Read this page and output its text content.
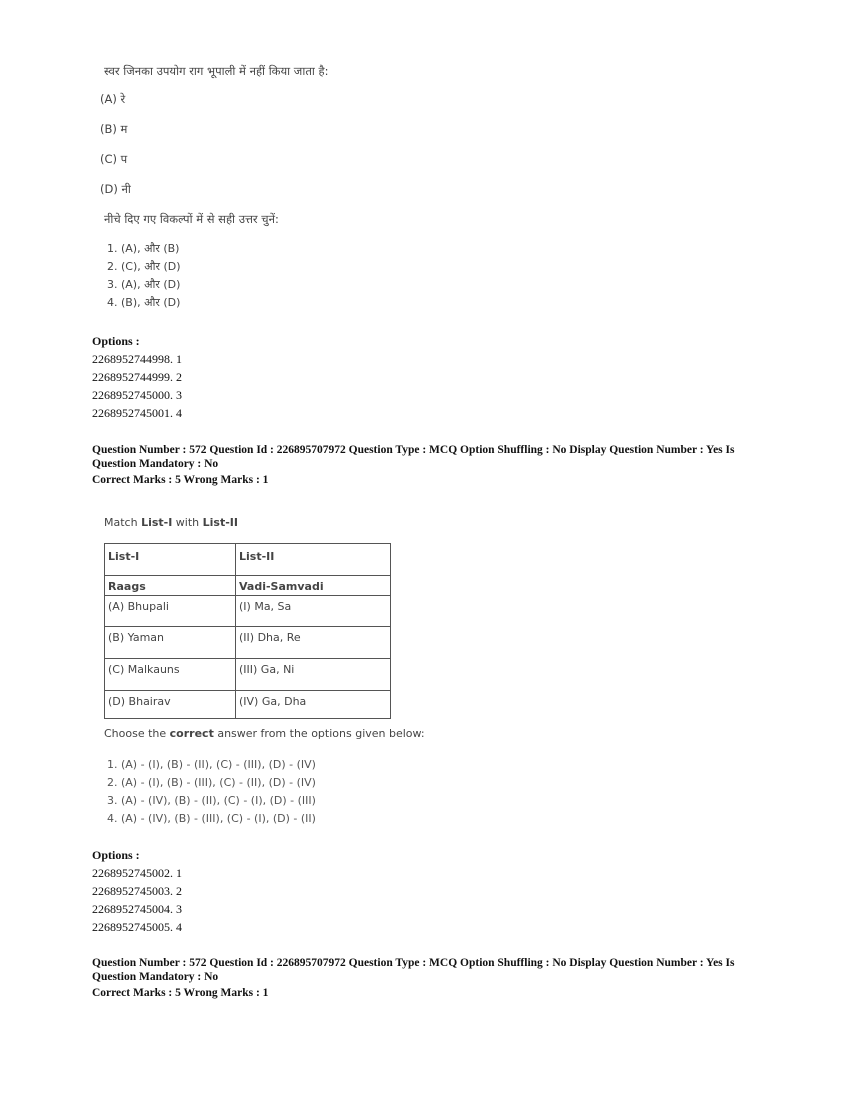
स्वर जिनका उपयोग राग भूपाली में नहीं किया जाता है:
(A) रे
(B) म
(C) प
(D) नी
नीचे दिए गए विकल्पों में से सही उत्तर चुनें:
1. (A), और (B)
2. (C), और (D)
3. (A), और (D)
4. (B), और (D)
Options :
2268952744998. 1
2268952744999. 2
2268952745000. 3
2268952745001. 4
Question Number : 572 Question Id : 226895707972 Question Type : MCQ Option Shuffling : No Display Question Number : Yes Is
Question Mandatory : No
Correct Marks : 5 Wrong Marks : 1
Match List-I with List-II
List-I	List-II
Raags	Vadi-Samvadi
(A) Bhupali	(I) Ma, Sa
(B) Yaman	(II) Dha, Re
(C) Malkauns	(III) Ga, Ni
(D) Bhairav	(IV) Ga, Dha
Choose the correct answer from the options given below:
1. (A) - (I), (B) - (II), (C) - (III), (D) - (IV)
2. (A) - (I), (B) - (III), (C) - (II), (D) - (IV)
3. (A) - (IV), (B) - (II), (C) - (I), (D) - (III)
4. (A) - (IV), (B) - (III), (C) - (I), (D) - (II)
Options :
2268952745002. 1
2268952745003. 2
2268952745004. 3
2268952745005. 4
Question Number : 572 Question Id : 226895707972 Question Type : MCQ Option Shuffling : No Display Question Number : Yes Is
Question Mandatory : No
Correct Marks : 5 Wrong Marks : 1
